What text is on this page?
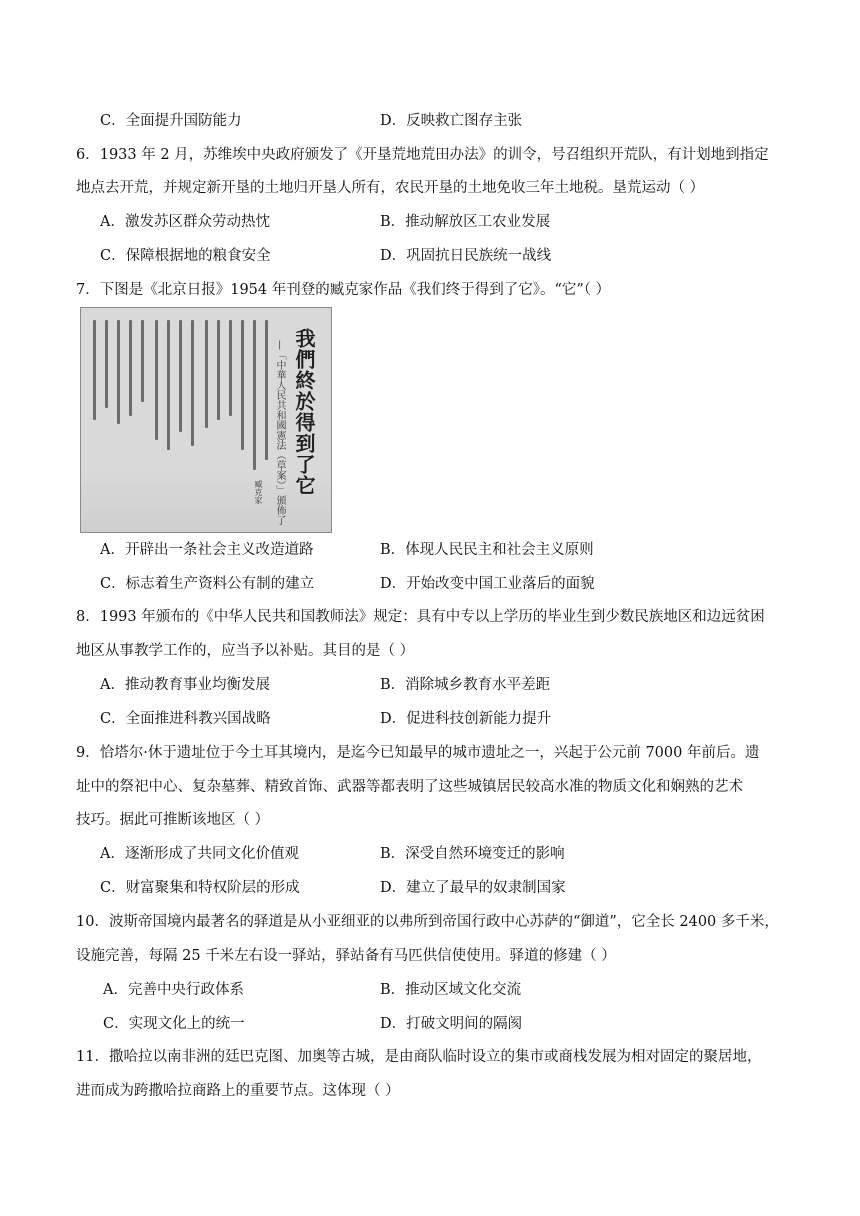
C．全面提升国防能力	D．反映救亡图存主张
6．1933 年 2 月，苏维埃中央政府颁发了《开垦荒地荒田办法》的训令，号召组织开荒队，有计划地到指定
地点去开荒，并规定新开垦的土地归开垦人所有，农民开垦的土地免收三年土地税。垦荒运动（ ）
A．激发苏区群众劳动热忱	B．推动解放区工农业发展
C．保障根据地的粮食安全	D．巩固抗日民族统一战线
7．下图是《北京日报》1954 年刊登的臧克家作品《我们终于得到了它》。“它”（ ）
我們終於得到了它
—「中華人民共和國憲法（草案）」頒佈了
臧克家
A．开辟出一条社会主义改造道路	B．体现人民民主和社会主义原则
C．标志着生产资料公有制的建立	D．开始改变中国工业落后的面貌
8．1993 年颁布的《中华人民共和国教师法》规定：具有中专以上学历的毕业生到少数民族地区和边远贫困
地区从事教学工作的，应当予以补贴。其目的是（ ）
A．推动教育事业均衡发展	B．消除城乡教育水平差距
C．全面推进科教兴国战略	D．促进科技创新能力提升
9．恰塔尔·休于遗址位于今土耳其境内，是迄今已知最早的城市遗址之一，兴起于公元前 7000 年前后。遗
址中的祭祀中心、复杂墓葬、精致首饰、武器等都表明了这些城镇居民较高水准的物质文化和娴熟的艺术
技巧。据此可推断该地区（ ）
A．逐渐形成了共同文化价值观	B．深受自然环境变迁的影响
C．财富聚集和特权阶层的形成	D．建立了最早的奴隶制国家
10．波斯帝国境内最著名的驿道是从小亚细亚的以弗所到帝国行政中心苏萨的“御道”，它全长 2400 多千米，
设施完善，每隔 25 千米左右设一驿站，驿站备有马匹供信使使用。驿道的修建（ ）
A．完善中央行政体系	B．推动区域文化交流
C．实现文化上的统一	D．打破文明间的隔阂
11．撒哈拉以南非洲的廷巴克图、加奥等古城，是由商队临时设立的集市或商栈发展为相对固定的聚居地，
进而成为跨撒哈拉商路上的重要节点。这体现（ ）
